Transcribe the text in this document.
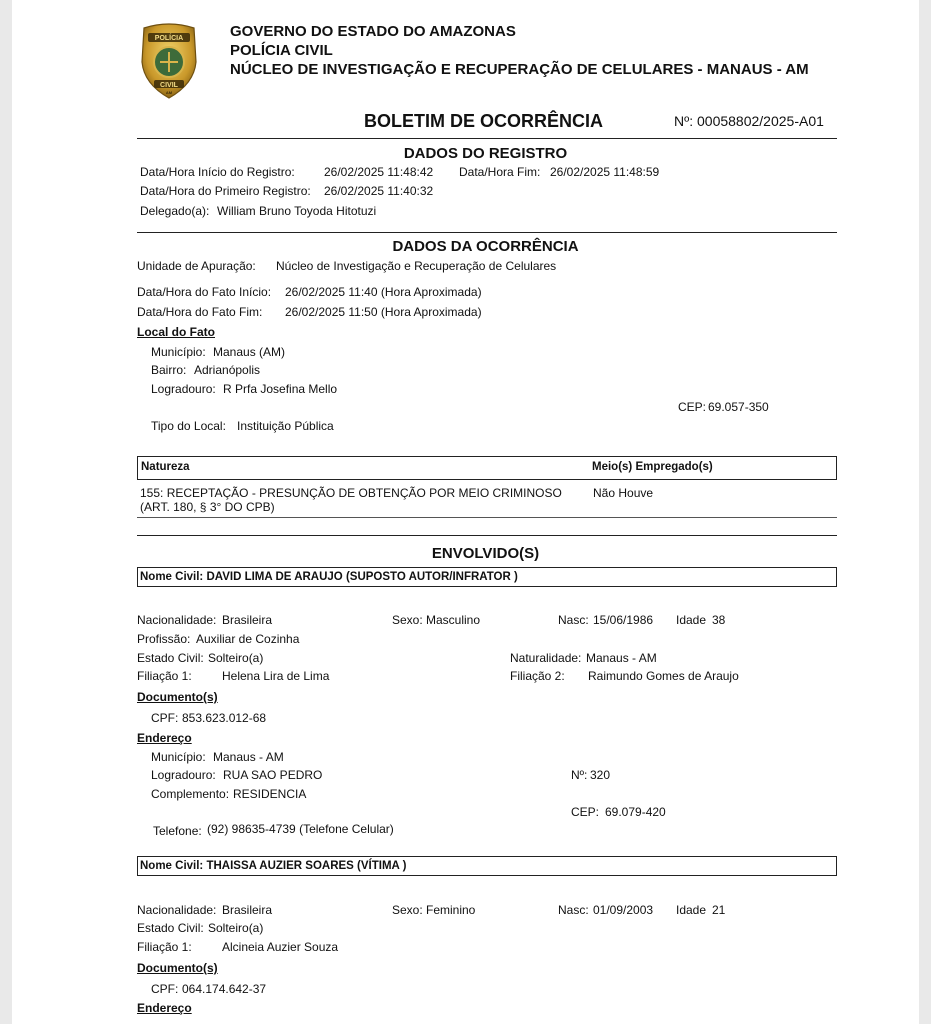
POLÍCIA
CIVIL
AM
GOVERNO DO ESTADO DO AMAZONAS
POLÍCIA CIVIL
NÚCLEO DE INVESTIGAÇÃO E RECUPERAÇÃO DE CELULARES - MANAUS - AM
BOLETIM DE OCORRÊNCIA	Nº: 00058802/2025-A01
DADOS DO REGISTRO
Data/Hora Início do Registro: 26/02/2025 11:48:42 Data/Hora Fim: 26/02/2025 11:48:59
Data/Hora do Primeiro Registro: 26/02/2025 11:40:32
Delegado(a): William Bruno Toyoda Hitotuzi
DADOS DA OCORRÊNCIA
Unidade de Apuração: Núcleo de Investigação e Recuperação de Celulares
Data/Hora do Fato Início: 26/02/2025 11:40 (Hora Aproximada)
Data/Hora do Fato Fim: 26/02/2025 11:50 (Hora Aproximada)
Local do Fato
Município: Manaus (AM)
Bairro: Adrianópolis
Logradouro: R Prfa Josefina Mello
CEP: 69.057-350
Tipo do Local: Instituição Pública
Natureza	Meio(s) Empregado(s)
155: RECEPTAÇÃO - PRESUNÇÃO DE OBTENÇÃO POR MEIO CRIMINOSO
(ART. 180, § 3° DO CPB)
Não Houve
ENVOLVIDO(S)
Nome Civil: DAVID LIMA DE ARAUJO (SUPOSTO AUTOR/INFRATOR )
Nacionalidade: Brasileira	Sexo: Masculino	Nasc: 15/06/1986 Idade 38
Profissão: Auxiliar de Cozinha
Estado Civil: Solteiro(a)	Naturalidade: Manaus - AM
Filiação 1:	Helena Lira de Lima	Filiação 2: Raimundo Gomes de Araujo
Documento(s)
CPF: 853.623.012-68
Endereço
Município: Manaus - AM
Logradouro: RUA SAO PEDRO	Nº: 320
Complemento: RESIDENCIA
CEP: 69.079-420
Telefone: (92) 98635-4739 (Telefone Celular)
Nome Civil: THAISSA AUZIER SOARES (VÍTIMA )
Nacionalidade: Brasileira	Sexo: Feminino	Nasc: 01/09/2003 Idade 21
Estado Civil: Solteiro(a)
Filiação 1:	Alcineia Auzier Souza
Documento(s)
CPF: 064.174.642-37
Endereço
